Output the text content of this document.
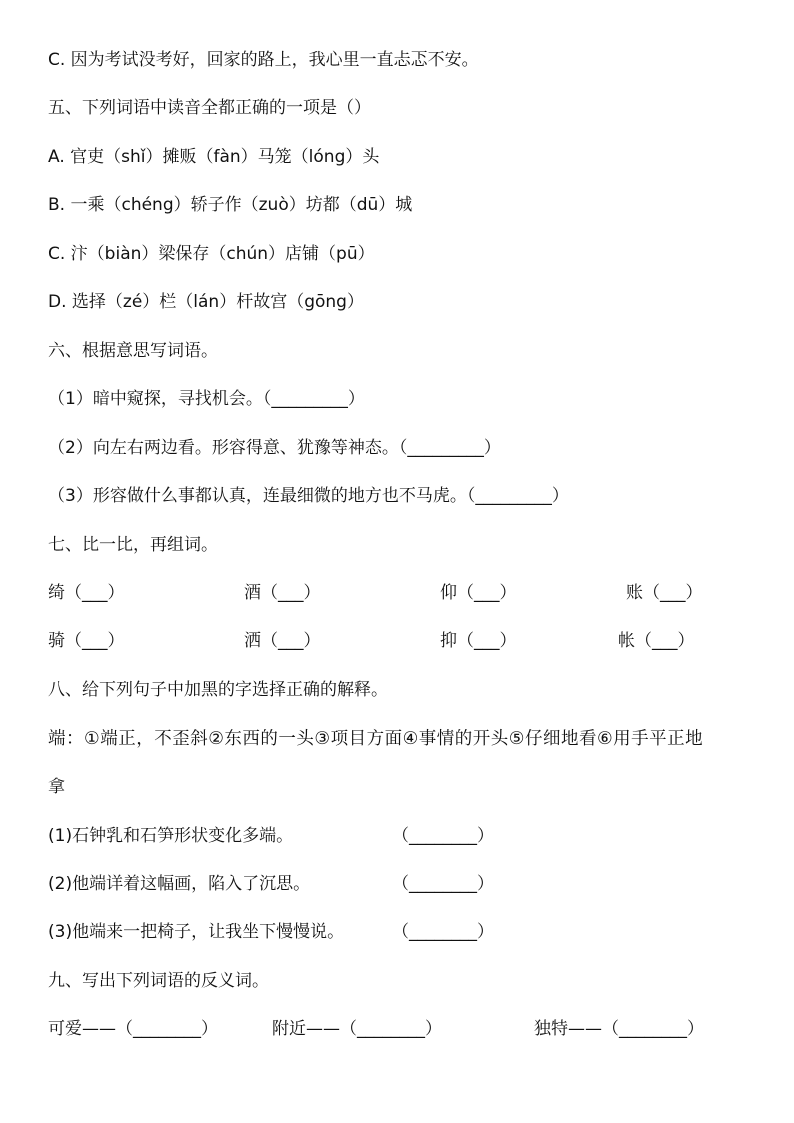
C. 因为考试没考好，回家的路上，我心里一直忐忑不安。
五、下列词语中读音全都正确的一项是（）
A. 官吏（shǐ）摊贩（fàn）马笼（lóng）头
B. 一乘（chéng）轿子作（zuò）坊都（dū）城
C. 汴（biàn）梁保存（chún）店铺（pū）
D. 选择（zé）栏（lán）杆故宫（gōng）
六、根据意思写词语。
（1）暗中窥探，寻找机会。（_________）
（2）向左右两边看。形容得意、犹豫等神态。（_________）
（3）形容做什么事都认真，连最细微的地方也不马虎。（_________）
七、比一比，再组词。
绮（___）	酒（___）	仰（___）	账（___）
骑（___）	洒（___）	抑（___）	帐（___）
八、给下列句子中加黑的字选择正确的解释。
端：①端正，不歪斜②东西的一头③项目方面④事情的开头⑤仔细地看⑥用手平正地
拿
(1)石钟乳和石笋形状变化多端。	（________）
(2)他端详着这幅画，陷入了沉思。	（________）
(3)他端来一把椅子，让我坐下慢慢说。	（________）
九、写出下列词语的反义词。
可爱——（________）	附近——（________）	独特——（________）
